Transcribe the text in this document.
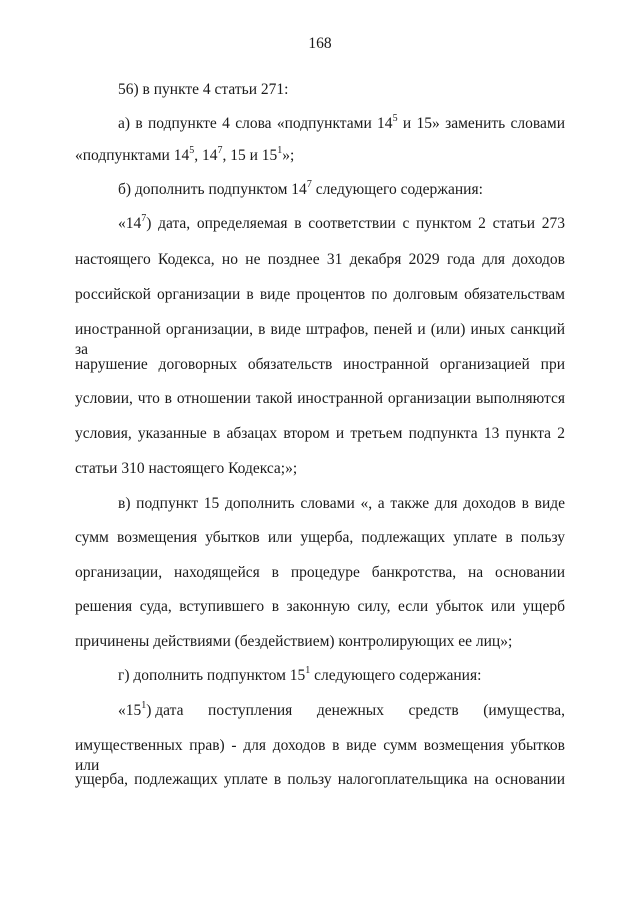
168
56) в пункте 4 статьи 271:
а) в подпункте 4 слова «подпунктами $14^5$ и 15» заменить словами
«подпунктами $14^5$, $14^7$, 15 и $15^1$»;
б) дополнить подпунктом $14^7$ следующего содержания:
«$14^7$) дата, определяемая в соответствии с пунктом 2 статьи 273
настоящего Кодекса, но не позднее 31 декабря 2029 года для доходов
российской организации в виде процентов по долговым обязательствам
иностранной организации, в виде штрафов, пеней и (или) иных санкций за
нарушение договорных обязательств иностранной организацией при
условии, что в отношении такой иностранной организации выполняются
условия, указанные в абзацах втором и третьем подпункта 13 пункта 2
статьи 310 настоящего Кодекса;»;
в) подпункт 15 дополнить словами «, а также для доходов в виде
сумм возмещения убытков или ущерба, подлежащих уплате в пользу
организации, находящейся в процедуре банкротства, на основании
решения суда, вступившего в законную силу, если убыток или ущерб
причинены действиями (бездействием) контролирующих ее лиц»;
г) дополнить подпунктом $15^1$ следующего содержания:
«$15^1$) дата поступления денежных средств (имущества,
имущественных прав) - для доходов в виде сумм возмещения убытков или
ущерба, подлежащих уплате в пользу налогоплательщика на основании
